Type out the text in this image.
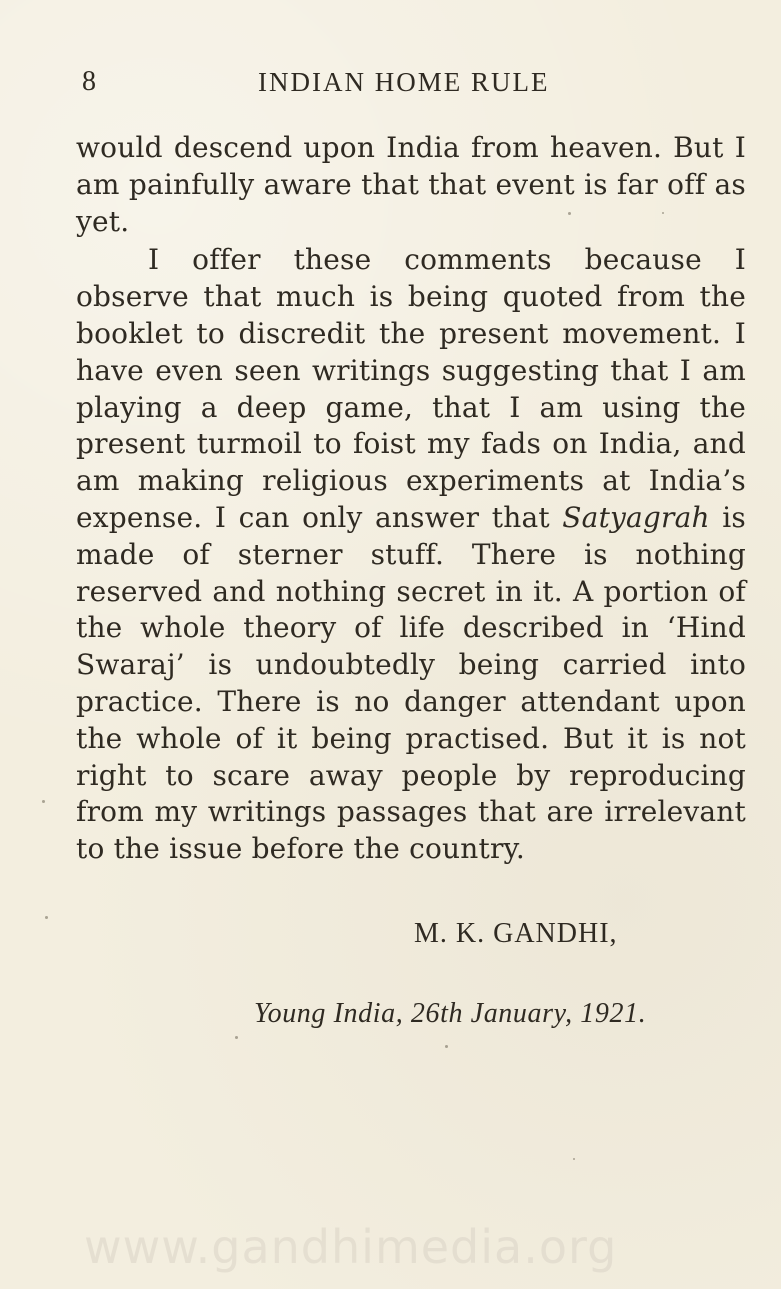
8	INDIAN HOME RULE

would descend upon India from heaven. But I am painfully aware that that event is far off as yet.

I offer these comments because I observe that much is being quoted from the booklet to discredit the present movement. I have even seen writings suggesting that I am playing a deep game, that I am using the present turmoil to foist my fads on India, and am making religious experiments at India’s expense. I can only answer that Satyagrah is made of sterner stuff. There is nothing reserved and nothing secret in it. A portion of the whole theory of life described in ‘Hind Swaraj’ is undoubtedly being carried into practice. There is no danger attendant upon the whole of it being practised. But it is not right to scare away people by reproducing from my writings passages that are irrelevant to the issue before the country.

M. K. GANDHI,
Young India, 26th January, 1921.
www.gandhimedia.org
